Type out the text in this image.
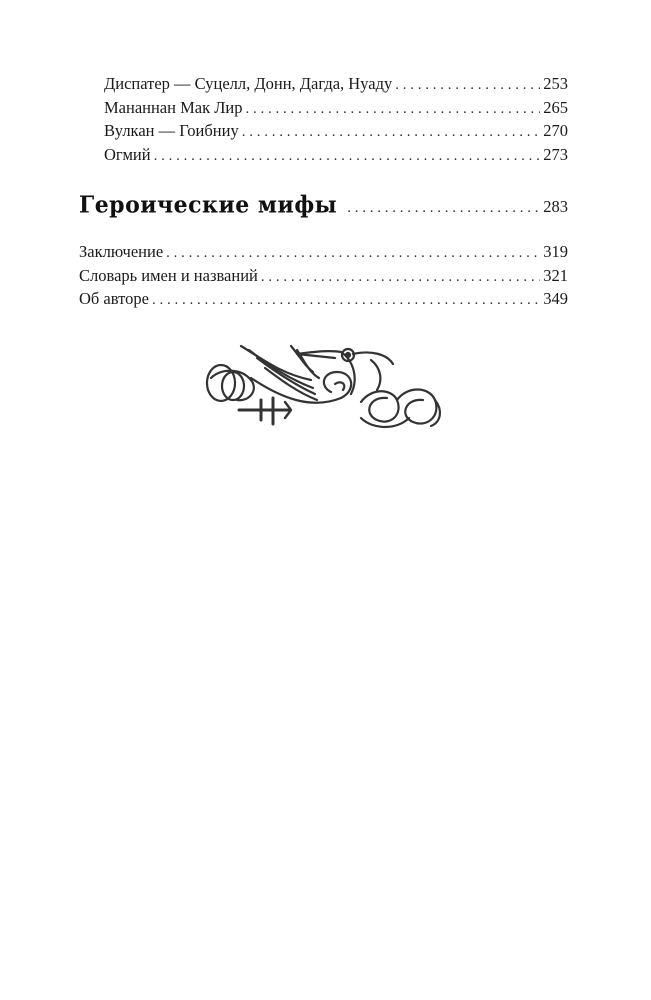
Диспатер — Суцелл, Донн, Дагда, Нуаду . . .	253
Мананнан Мак Лир . . .	265
Вулкан — Гоибниу . . .	270
Огмий . . .	273
Героические мифы . . .	283
Заключение . . .	319
Словарь имен и названий . . .	321
Об авторе . . .	349
